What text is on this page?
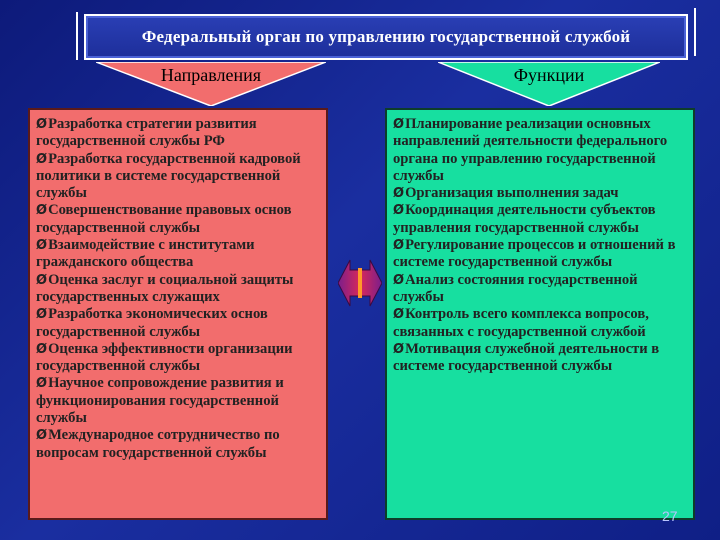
Федеральный орган по управлению государственной службой
Направления	Функции
ØРазработка стратегии развития государственной службы РФ
ØРазработка государственной кадровой политики в системе государственной службы
ØСовершенствование правовых основ государственной службы
ØВзаимодействие с институтами гражданского общества
ØОценка заслуг и социальной защиты государственных служащих
ØРазработка экономических основ государственной службы
ØОценка эффективности организации государственной службы
ØНаучное сопровождение развития и функционирования государственной службы
ØМеждународное сотрудничество по вопросам государственной службы
ØПланирование реализации основных направлений деятельности федерального органа по управлению государственной службы
ØОрганизация выполнения задач
ØКоординация деятельности субъектов управления государственной службы
ØРегулирование процессов и отношений в системе государственной службы
ØАнализ состояния государственной службы
ØКонтроль всего комплекса вопросов, связанных с государственной службой
ØМотивация служебной деятельности в системе государственной службы
27
